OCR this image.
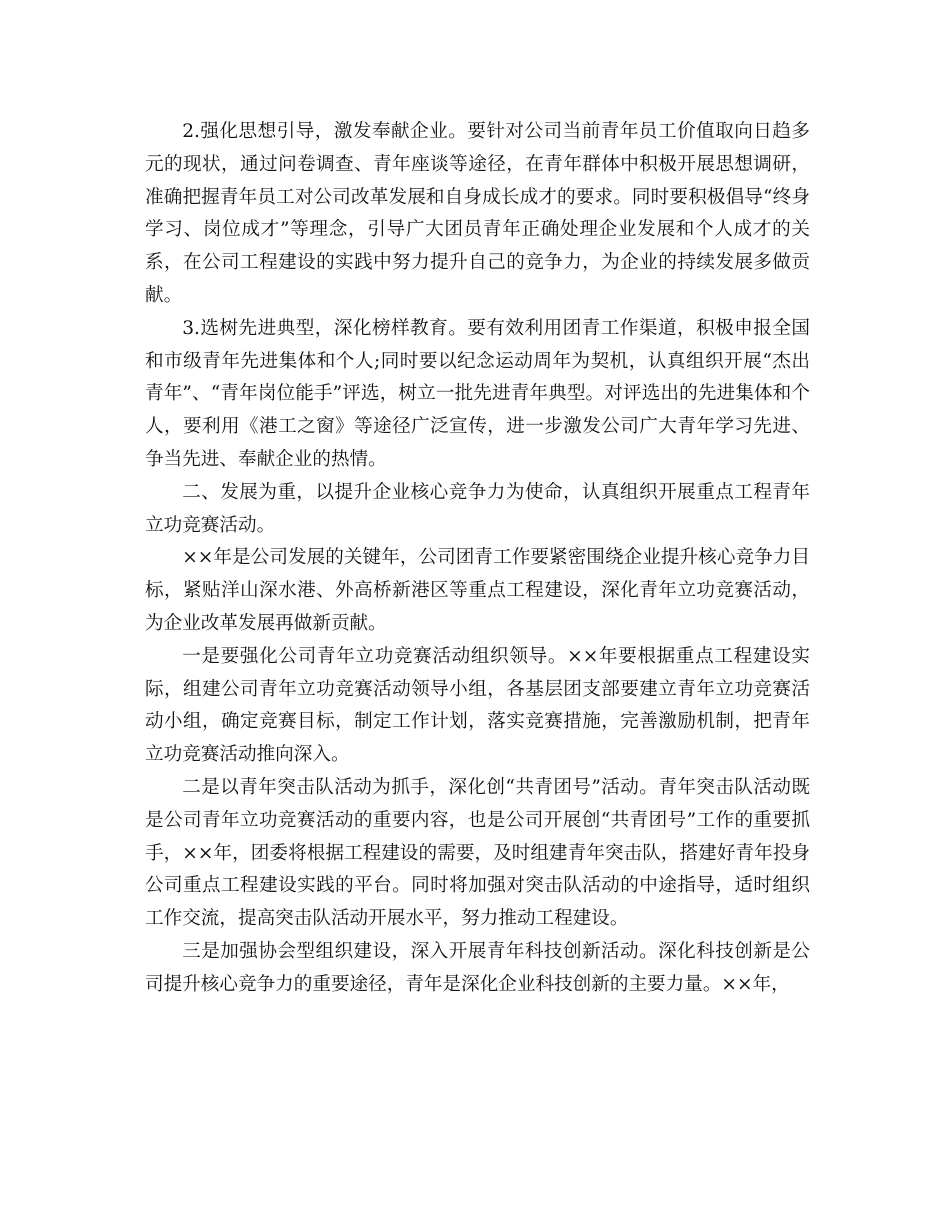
2.强化思想引导，激发奉献企业。要针对公司当前青年员工价值取向日趋多元的现状，通过问卷调查、青年座谈等途径，在青年群体中积极开展思想调研，准确把握青年员工对公司改革发展和自身成长成才的要求。同时要积极倡导“终身学习、岗位成才”等理念，引导广大团员青年正确处理企业发展和个人成才的关系，在公司工程建设的实践中努力提升自己的竞争力，为企业的持续发展多做贡献。

3.选树先进典型，深化榜样教育。要有效利用团青工作渠道，积极申报全国和市级青年先进集体和个人;同时要以纪念运动周年为契机，认真组织开展“杰出青年”、“青年岗位能手”评选，树立一批先进青年典型。对评选出的先进集体和个人，要利用《港工之窗》等途径广泛宣传，进一步激发公司广大青年学习先进、争当先进、奉献企业的热情。

二、发展为重，以提升企业核心竞争力为使命，认真组织开展重点工程青年立功竞赛活动。

××年是公司发展的关键年，公司团青工作要紧密围绕企业提升核心竞争力目标，紧贴洋山深水港、外高桥新港区等重点工程建设，深化青年立功竞赛活动，为企业改革发展再做新贡献。

一是要强化公司青年立功竞赛活动组织领导。××年要根据重点工程建设实际，组建公司青年立功竞赛活动领导小组，各基层团支部要建立青年立功竞赛活动小组，确定竞赛目标，制定工作计划，落实竞赛措施，完善激励机制，把青年立功竞赛活动推向深入。

二是以青年突击队活动为抓手，深化创“共青团号”活动。青年突击队活动既是公司青年立功竞赛活动的重要内容，也是公司开展创“共青团号”工作的重要抓手，××年，团委将根据工程建设的需要，及时组建青年突击队，搭建好青年投身公司重点工程建设实践的平台。同时将加强对突击队活动的中途指导，适时组织工作交流，提高突击队活动开展水平，努力推动工程建设。

三是加强协会型组织建设，深入开展青年科技创新活动。深化科技创新是公司提升核心竞争力的重要途径，青年是深化企业科技创新的主要力量。××年，
